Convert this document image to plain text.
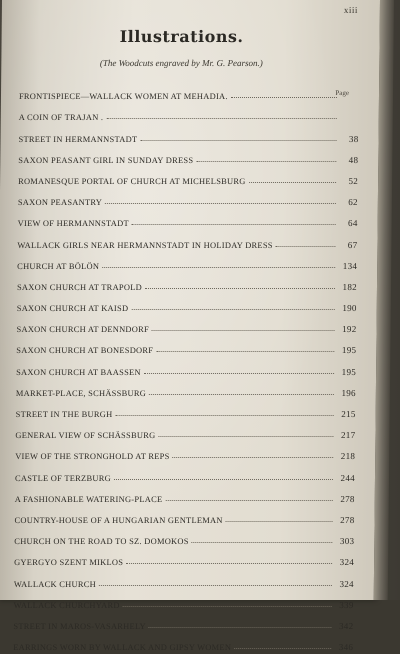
xiii
Illustrations.
(The Woodcuts engraved by Mr. G. Pearson.)
Page
FRONTISPIECE—WALLACK WOMEN AT MEHADIA.
A COIN OF TRAJAN .
STREET IN HERMANNSTADT	38
SAXON PEASANT GIRL IN SUNDAY DRESS	48
ROMANESQUE PORTAL OF CHURCH AT MICHELSBURG	52
SAXON PEASANTRY	62
VIEW OF HERMANNSTADT	64
WALLACK GIRLS NEAR HERMANNSTADT IN HOLIDAY DRESS	67
CHURCH AT BÖLÖN	134
SAXON CHURCH AT TRAPOLD	182
SAXON CHURCH AT KAISD	190
SAXON CHURCH AT DENNDORF	192
SAXON CHURCH AT BONESDORF	195
SAXON CHURCH AT BAASSEN	195
MARKET-PLACE, SCHÄSSBURG	196
STREET IN THE BURGH	215
GENERAL VIEW OF SCHÄSSBURG	217
VIEW OF THE STRONGHOLD AT REPS	218
CASTLE OF TERZBURG	244
A FASHIONABLE WATERING-PLACE	278
COUNTRY-HOUSE OF A HUNGARIAN GENTLEMAN	278
CHURCH ON THE ROAD TO SZ. DOMOKOS	303
GYERGYO SZENT MIKLOS	324
WALLACK CHURCH	324
WALLACK CHURCHYARD	339
STREET IN MAROS-VASARHELY	342
EARRINGS WORN BY WALLACK AND GIPSY WOMEN	346
